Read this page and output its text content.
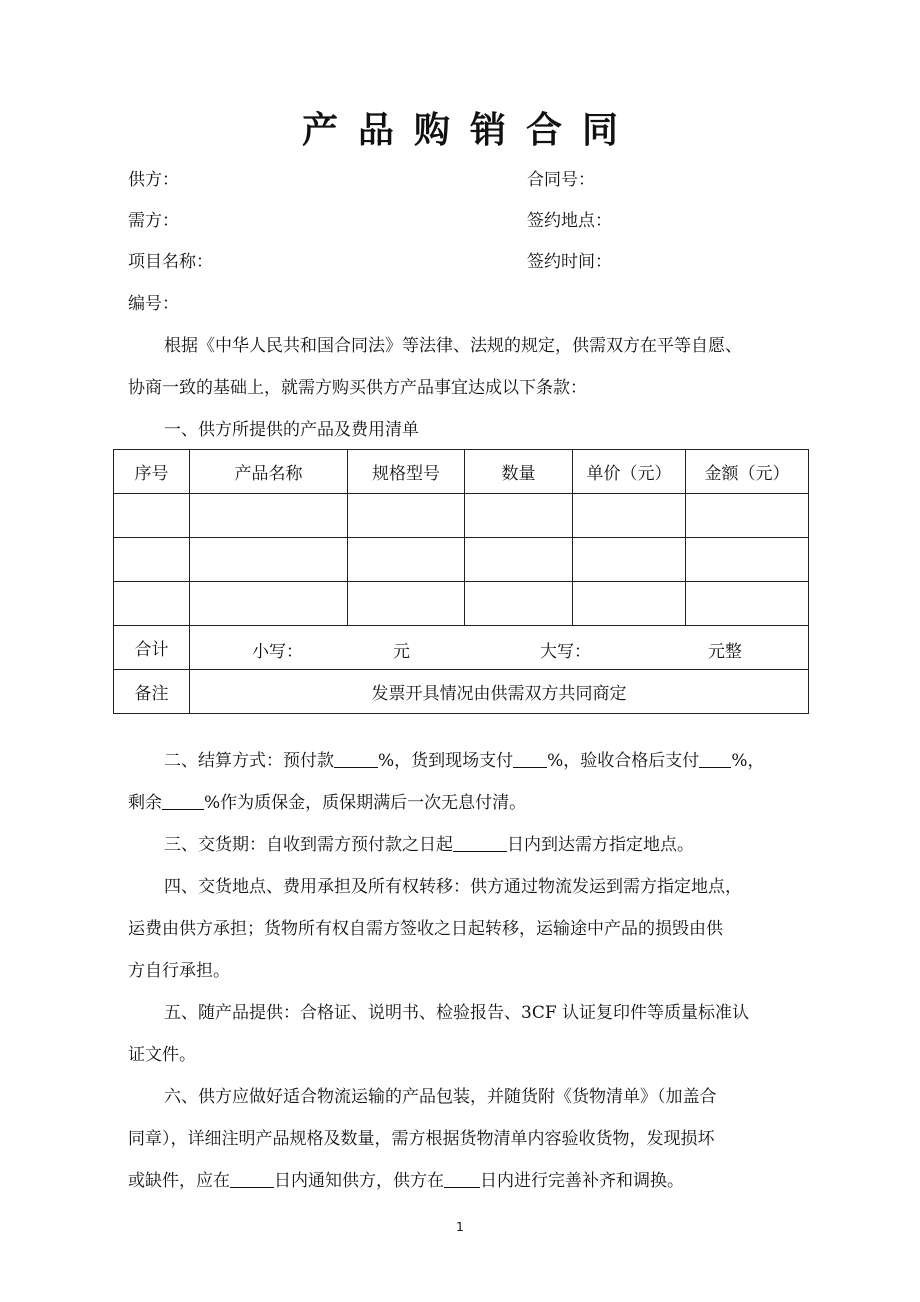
产品购销合同
供方：	合同号：
需方：	签约地点：
项目名称：	签约时间：
编号：
根据《中华人民共和国合同法》等法律、法规的规定，供需双方在平等自愿、
协商一致的基础上，就需方购买供方产品事宜达成以下条款：
一、供方所提供的产品及费用清单
序号	产品名称	规格型号	数量	单价（元）	金额（元）

合计	小写： 元 大写： 元整				

备注	发票开具情况由供需双方共同商定				
二、结算方式：预付款	%，货到现场支付 %，验收合格后支付 %，
剩余 %作为质保金，质保期满后一次无息付清。
三、交货期：自收到需方预付款之日起	日内到达需方指定地点。
四、交货地点、费用承担及所有权转移：供方通过物流发运到需方指定地点，
运费由供方承担；货物所有权自需方签收之日起转移，运输途中产品的损毁由供
方自行承担。
五、随产品提供：合格证、说明书、检验报告、3CF 认证复印件等质量标准认
证文件。
六、供方应做好适合物流运输的产品包装，并随货附《货物清单》（加盖合
同章），详细注明产品规格及数量，需方根据货物清单内容验收货物，发现损坏
或缺件，应在	日内通知供方，供方在 日内进行完善补齐和调换。
1
